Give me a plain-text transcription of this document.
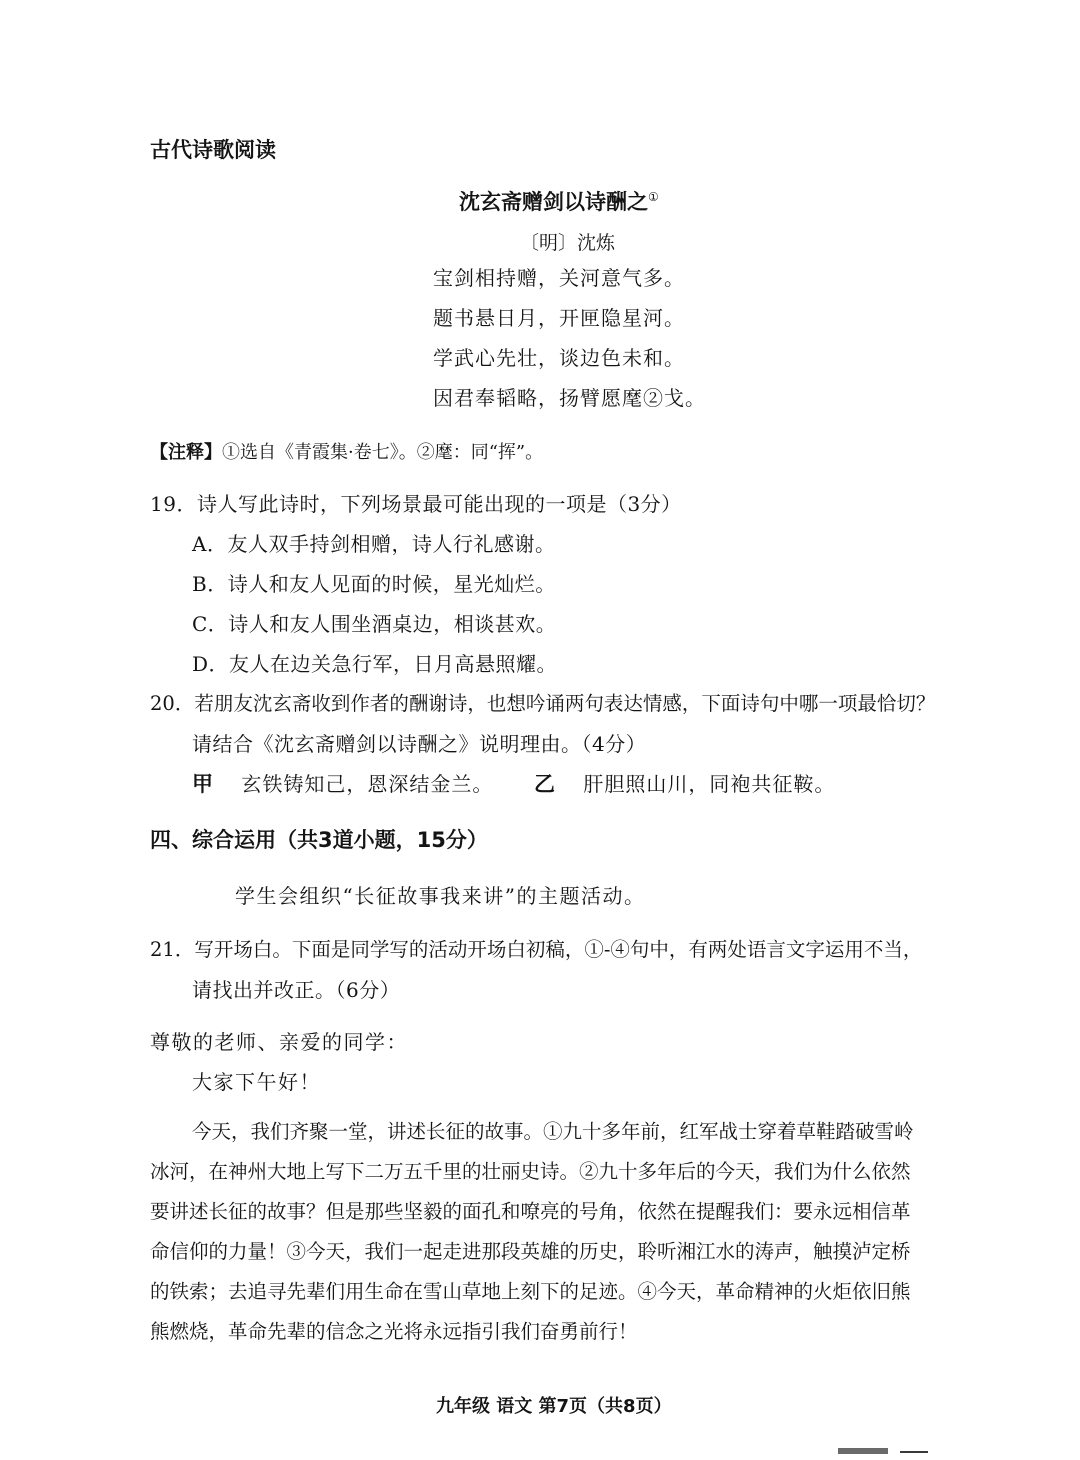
古代诗歌阅读
沈玄斋赠剑以诗酬之①
〔明〕沈炼
宝剑相持赠，关河意气多。
题书悬日月，开匣隐星河。
学武心先壮，谈边色未和。
因君奉韬略，扬臂愿麾②戈。
【注释】①选自《青霞集·卷七》。②麾：同“挥”。
19．诗人写此诗时，下列场景最可能出现的一项是（3分）
A．友人双手持剑相赠，诗人行礼感谢。
B．诗人和友人见面的时候，星光灿烂。
C．诗人和友人围坐酒桌边，相谈甚欢。
D．友人在边关急行军，日月高悬照耀。
20．若朋友沈玄斋收到作者的酬谢诗，也想吟诵两句表达情感，下面诗句中哪一项最恰切？
请结合《沈玄斋赠剑以诗酬之》说明理由。（4分）
甲 玄铁铸知己，恩深结金兰。 乙 肝胆照山川，同袍共征鞍。
四、综合运用（共3道小题，15分）
学生会组织“长征故事我来讲”的主题活动。
21．写开场白。下面是同学写的活动开场白初稿，①-④句中，有两处语言文字运用不当，
请找出并改正。（6分）
尊敬的老师、亲爱的同学：
大家下午好！
今天，我们齐聚一堂，讲述长征的故事。①九十多年前，红军战士穿着草鞋踏破雪岭
冰河，在神州大地上写下二万五千里的壮丽史诗。②九十多年后的今天，我们为什么依然
要讲述长征的故事？但是那些坚毅的面孔和嘹亮的号角，依然在提醒我们：要永远相信革
命信仰的力量！③今天，我们一起走进那段英雄的历史，聆听湘江水的涛声，触摸泸定桥
的铁索；去追寻先辈们用生命在雪山草地上刻下的足迹。④今天，革命精神的火炬依旧熊
熊燃烧，革命先辈的信念之光将永远指引我们奋勇前行！
九年级 语文 第7页（共8页）
